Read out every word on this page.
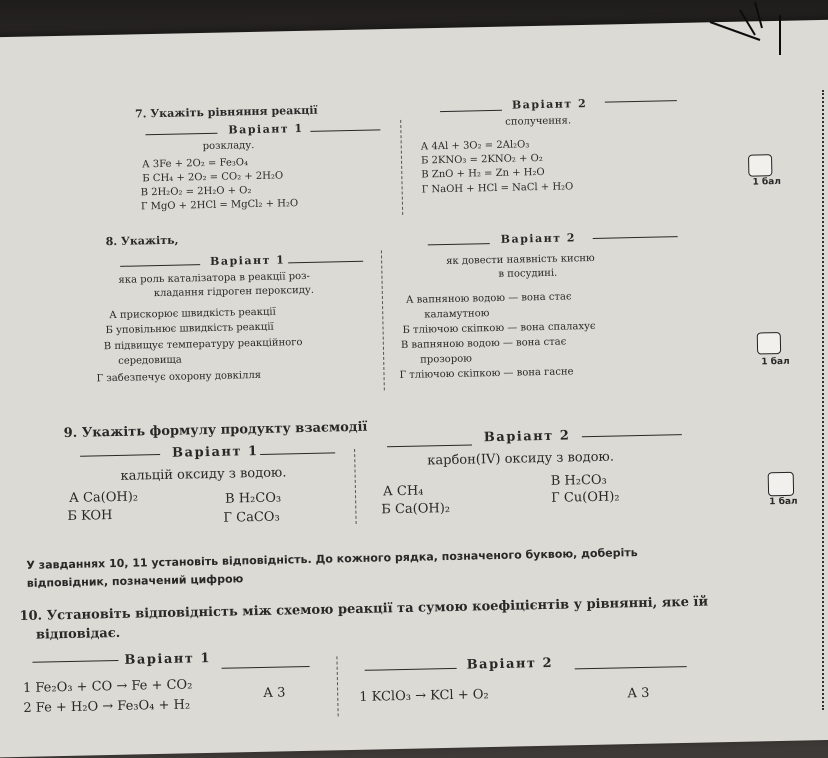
7. Укажіть рівняння реакції
Варіант 1
розкладу.
А 3Fe + 2O₂ = Fe₃O₄
Б CH₄ + 2O₂ = CO₂ + 2H₂O
В 2H₂O₂ = 2H₂O + O₂
Г MgO + 2HCl = MgCl₂ + H₂O
Варіант 2
сполучення.
А 4Al + 3O₂ = 2Al₂O₃
Б 2KNO₃ = 2KNO₂ + O₂
В ZnO + H₂ = Zn + H₂O
Г NaOH + HCl = NaCl + H₂O	1 бал
8. Укажіть,
Варіант 1
яка роль каталізатора в реакції роз-
кладання гідроген пероксиду.
А прискорює швидкість реакції
Б уповільнює швидкість реакції
В підвищує температуру реакційного
середовища
Г забезпечує охорону довкілля
Варіант 2
як довести наявність кисню
в посудині.
А вапняною водою — вона стає
каламутною
Б тліючою скіпкою — вона спалахує
В вапняною водою — вона стає
прозорою
Г тліючою скіпкою — вона гасне
1 бал
9. Укажіть формулу продукту взаємодії
Варіант 1
кальцій оксиду з водою.
А Ca(OH)₂
Б KOH
В H₂CO₃
Г CaCO₃
Варіант 2
карбон(IV) оксиду з водою.
А CH₄
Б Ca(OH)₂
В H₂CO₃
Г Cu(OH)₂	1 бал
У завданнях 10, 11 установіть відповідність. До кожного рядка, позначеного буквою, доберіть
відповідник, позначений цифрою
10. Установіть відповідність між схемою реакції та сумою коефіцієнтів у рівнянні, яке їй
відповідає.
Варіант 1
1 Fe₂O₃ + CO → Fe + CO₂
2 Fe + H₂O → Fe₃O₄ + H₂
А 3
Варіант 2
1 KClO₃ → KCl + O₂	А 3
